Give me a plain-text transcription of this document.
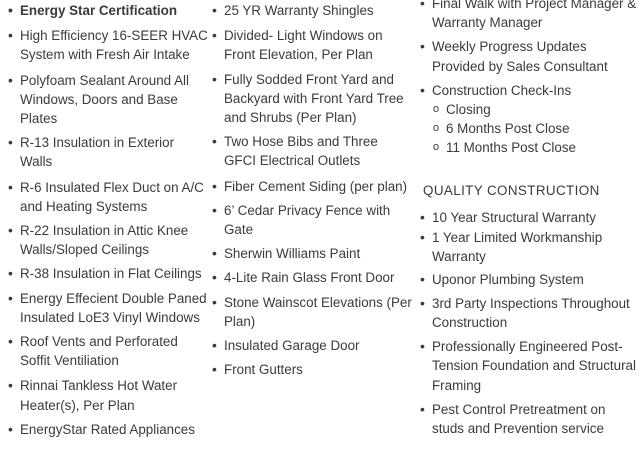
• Energy Star Certification
• High Efficiency 16-SEER HVAC System with Fresh Air Intake
• Polyfoam Sealant Around All Windows, Doors and Base Plates
• R-13 Insulation in Exterior Walls
• R-6 Insulated Flex Duct on A/C and Heating Systems
• R-22 Insulation in Attic Knee Walls/Sloped Ceilings
• R-38 Insulation in Flat Ceilings
• Energy Effecient Double Paned Insulated LoE3 Vinyl Windows
• Roof Vents and Perforated Soffit Ventiliation
• Rinnai Tankless Hot Water Heater(s), Per Plan
• EnergyStar Rated Appliances
• 25 YR Warranty Shingles
• Divided- Light Windows on Front Elevation, Per Plan
• Fully Sodded Front Yard and Backyard with Front Yard Tree and Shrubs (Per Plan)
• Two Hose Bibs and Three GFCI Electrical Outlets
• Fiber Cement Siding (per plan)
• 6’ Cedar Privacy Fence with Gate
• Sherwin Williams Paint
• 4-Lite Rain Glass Front Door
• Stone Wainscot Elevations (Per Plan)
• Insulated Garage Door
• Front Gutters
• Final Walk with Project Manager & Warranty Manager
• Weekly Progress Updates Provided by Sales Consultant
• Construction Check-Ins
o Closing
o 6 Months Post Close
o 11 Months Post Close
QUALITY CONSTRUCTION
• 10 Year Structural Warranty
• 1 Year Limited Workmanship Warranty
• Uponor Plumbing System
• 3rd Party Inspections Throughout Construction
• Professionally Engineered Post-Tension Foundation and Structural Framing
• Pest Control Pretreatment on studs and Prevention service
